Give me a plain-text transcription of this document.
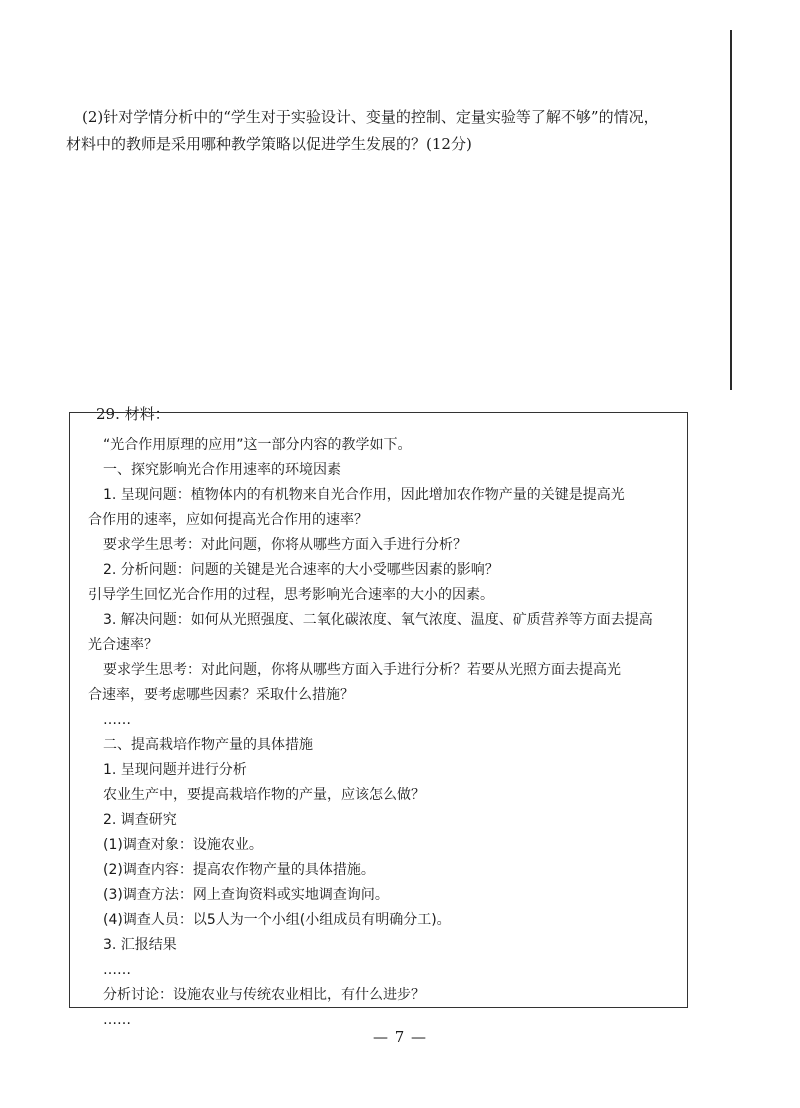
(2)针对学情分析中的“学生对于实验设计、变量的控制、定量实验等了解不够”的情况，

材料中的教师是采用哪种教学策略以促进学生发展的？(12分)

29. 材料：

“光合作用原理的应用”这一部分内容的教学如下。

一、探究影响光合作用速率的环境因素

1. 呈现问题：植物体内的有机物来自光合作用，因此增加农作物产量的关键是提高光

合作用的速率，应如何提高光合作用的速率？

要求学生思考：对此问题，你将从哪些方面入手进行分析？

2. 分析问题：问题的关键是光合速率的大小受哪些因素的影响？

引导学生回忆光合作用的过程，思考影响光合速率的大小的因素。

3. 解决问题：如何从光照强度、二氧化碳浓度、氧气浓度、温度、矿质营养等方面去提高

光合速率？

要求学生思考：对此问题，你将从哪些方面入手进行分析？若要从光照方面去提高光

合速率，要考虑哪些因素？采取什么措施？

……

二、提高栽培作物产量的具体措施

1. 呈现问题并进行分析

农业生产中，要提高栽培作物的产量，应该怎么做？

2. 调查研究

(1)调查对象：设施农业。

(2)调查内容：提高农作物产量的具体措施。

(3)调查方法：网上查询资料或实地调查询问。

(4)调查人员：以5人为一个小组(小组成员有明确分工)。

3. 汇报结果

……

分析讨论：设施农业与传统农业相比，有什么进步？

……

— 7 —
